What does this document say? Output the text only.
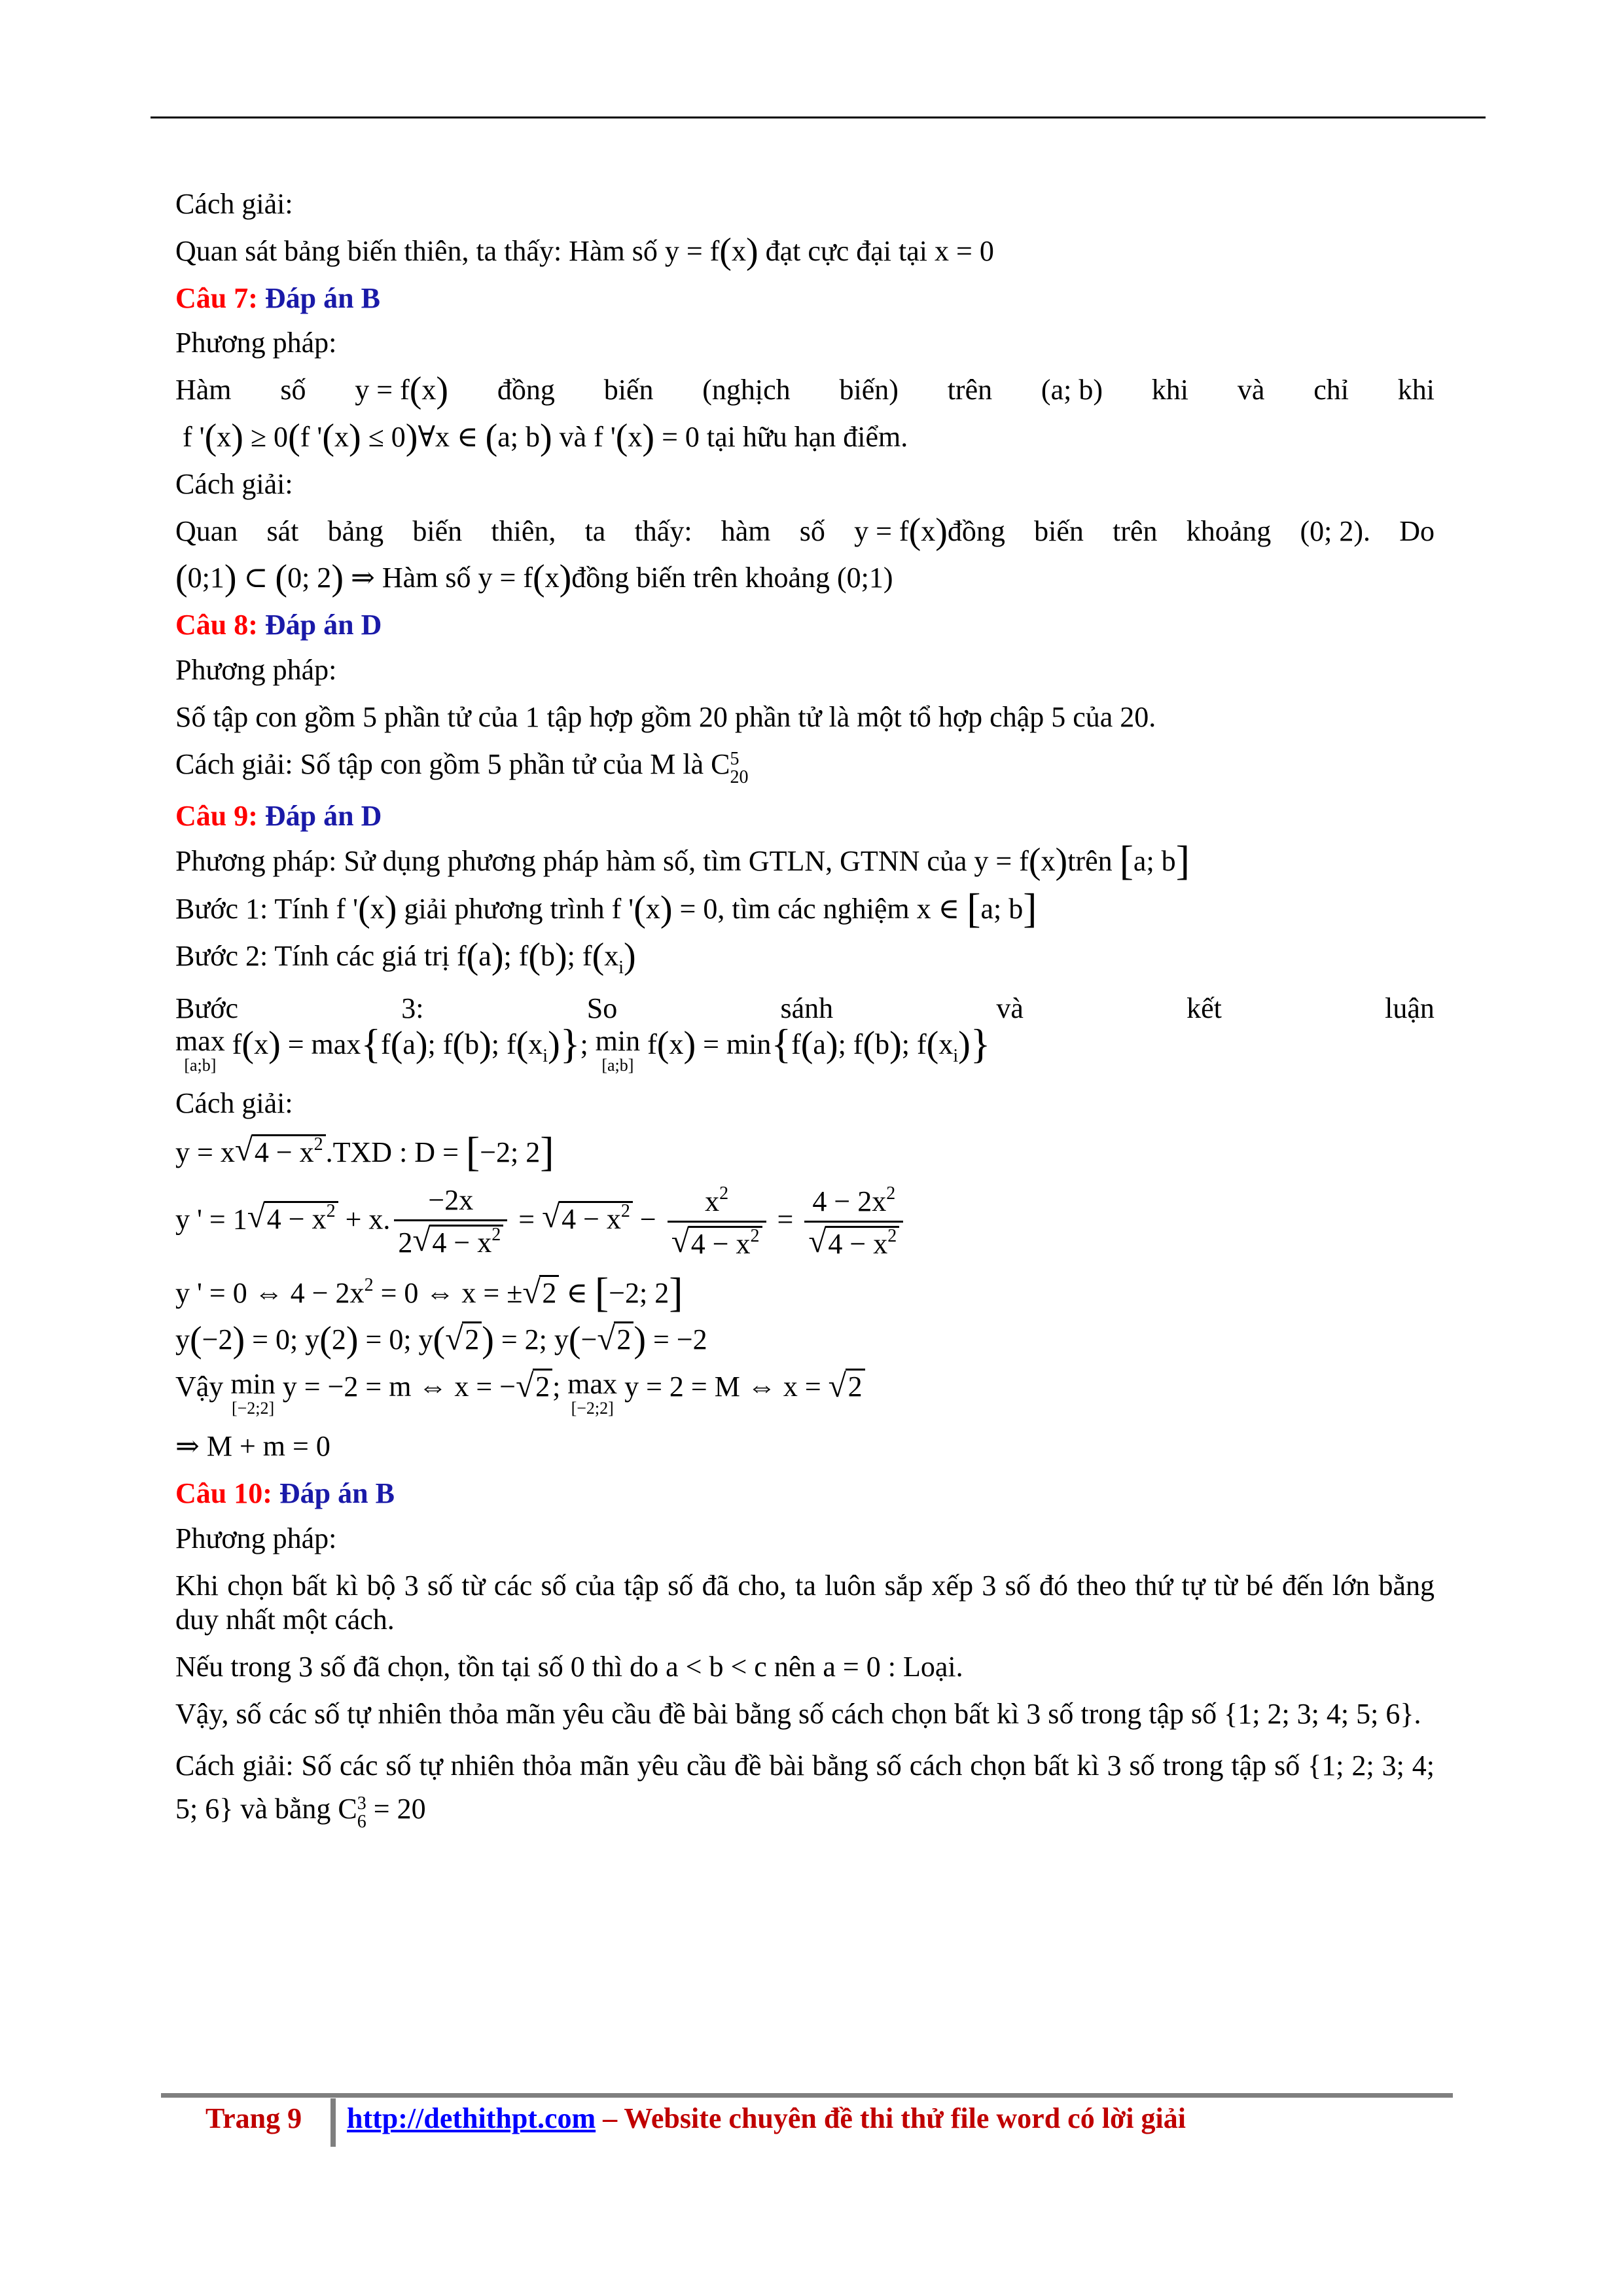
Cách giải:
Quan sát bảng biến thiên, ta thấy: Hàm số y = f(x) đạt cực đại tại x = 0
Câu 7: Đáp án B
Phương pháp:
Hàm số y = f(x) đồng biến (nghịch biến) trên (a; b) khi và chỉ khi
f '(x) ≥ 0(f '(x) ≤ 0)∀x ∈ (a; b) và f '(x) = 0 tại hữu hạn điểm.
Cách giải:
Quan sát bảng biến thiên, ta thấy: hàm số y = f(x)đồng biến trên khoảng (0; 2). Do
(0;1) ⊂ (0; 2) ⇒ Hàm số y = f(x)đồng biến trên khoảng (0;1)
Câu 8: Đáp án D
Phương pháp:
Số tập con gồm 5 phần tử của 1 tập hợp gồm 20 phần tử là một tổ hợp chập 5 của 20.
Cách giải: Số tập con gồm 5 phần tử của M là C 5
20
Câu 9: Đáp án D
Phương pháp: Sử dụng phương pháp hàm số, tìm GTLN, GTNN của y = f(x)trên [a; b]
Bước 1: Tính f '(x) giải phương trình f '(x) = 0, tìm các nghiệm x ∈ [a; b]
Bước 2: Tính các giá trị f(a); f(b); $f(x_i)$
Bước	3:	So	sánh	và	kết	luận
max
[a;b]
f(x) = max{f(a); f(b); $f(x_i)$}; min
[a;b]
f(x) = min{f(a); f(b); $f(x_i)$}
Cách giải:
y = x √ $4 - x^2.TXD$ : D = [−2; 2]
y ' = 1 √ $4 - x^2 + x$. $\frac{-2x}{2 √ 4 - x^2}$ = √ $4 - x^2 - x^2$
√ $4 - x^2 = 4 - 2x^2$
√ $4 - x^2$
y ' = 0 ⇔ $4 - 2x^2 = 0$ ⇔ x = ± √ 2 ∈ [−2; 2]
y(−2) = 0; y(2) = 0; y( √ 2) = 2; y(− √ 2) = −2
Vậy min
[−2;2]
y = −2 = m ⇔ x = − √ 2; max
[−2;2]
y = 2 = M ⇔ x = √ 2
⇒ M + m = 0
Câu 10: Đáp án B
Phương pháp:
Khi chọn bất kì bộ 3 số từ các số của tập số đã cho, ta luôn sắp xếp 3 số đó theo thứ tự từ bé đến lớn bằng duy nhất một cách.
Nếu trong 3 số đã chọn, tồn tại số 0 thì do a < b < c nên a = 0 : Loại.
Vậy, số các số tự nhiên thỏa mãn yêu cầu đề bài bằng số cách chọn bất kì 3 số trong tập số {1; 2; 3; 4; 5; 6}.
Cách giải: Số các số tự nhiên thỏa mãn yêu cầu đề bài bằng số cách chọn bất kì 3 số trong tập số {1; 2; 3; 4; 5; 6} và bằng C 3
6 = 20
Trang 9 http://dethithpt.com – Website chuyên đề thi thử file word có lời giải
